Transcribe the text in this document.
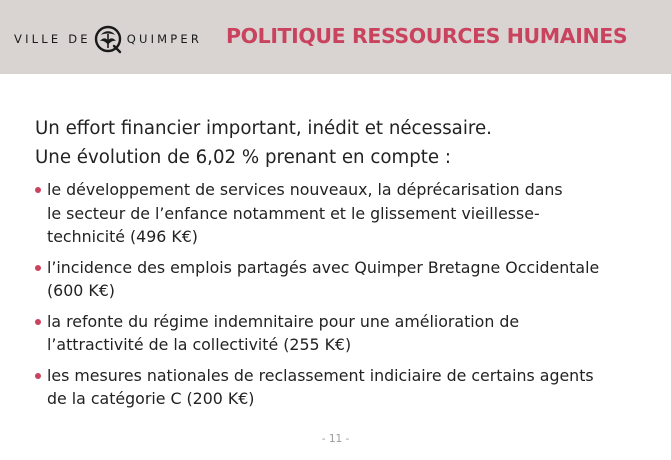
VILLE DE	QUIMPER POLITIQUE RESSOURCES HUMAINES
Un effort financier important, inédit et nécessaire.
Une évolution de 6,02 % prenant en compte :
le développement de services nouveaux, la déprécarisation dans
le secteur de l’enfance notamment et le glissement vieillesse-
technicité (496 K€)
l’incidence des emplois partagés avec Quimper Bretagne Occidentale
(600 K€)
la refonte du régime indemnitaire pour une amélioration de
l’attractivité de la collectivité (255 K€)
les mesures nationales de reclassement indiciaire de certains agents
de la catégorie C (200 K€)
- 11 -
